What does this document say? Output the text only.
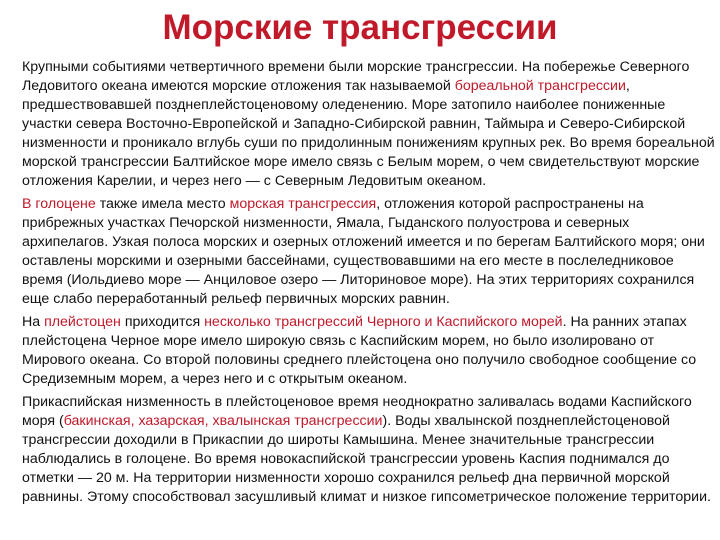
Морские трансгрессии

Крупными событиями четвертичного времени были морские трансгрессии. На побережье Северного Ледовитого океана имеются морские отложения так называемой бореальной трансгрессии, предшествовавшей позднеплейстоценовому оледенению. Море затопило наиболее пониженные участки севера Восточно-Европейской и Западно-Сибирской равнин, Таймыра и Северо-Сибирской низменности и проникало вглубь суши по придолинным понижениям крупных рек. Во время бореальной морской трансгрессии Балтийское море имело связь с Белым морем, о чем свидетельствуют морские отложения Карелии, и через него — с Северным Ледовитым океаном.

В голоцене также имела место морская трансгрессия, отложения которой распространены на прибрежных участках Печорской низменности, Ямала, Гыданского полуострова и северных архипелагов. Узкая полоса морских и озерных отложений имеется и по берегам Балтийского моря; они оставлены морскими и озерными бассейнами, существовавшими на его месте в послеледниковое время (Иольдиево море — Анциловое озеро — Литориновое море). На этих территориях сохранился еще слабо переработанный рельеф первичных морских равнин.

На плейстоцен приходится несколько трансгрессий Черного и Каспийского морей. На ранних этапах плейстоцена Черное море имело широкую связь с Каспийским морем, но было изолировано от Мирового океана. Со второй половины среднего плейстоцена оно получило свободное сообщение со Средиземным морем, а через него и с открытым океаном.

Прикаспийская низменность в плейстоценовое время неоднократно заливалась водами Каспийского моря (бакинская, хазарская, хвалынская трансгрессии). Воды хвалынской позднеплейстоценовой трансгрессии доходили в Прикаспии до широты Камышина. Менее значительные трансгрессии наблюдались в голоцене. Во время новокаспийской трансгрессии уровень Каспия поднимался до отметки — 20 м. На территории низменности хорошо сохранился рельеф дна первичной морской равнины. Этому способствовал засушливый климат и низкое гипсометрическое положение территории.
